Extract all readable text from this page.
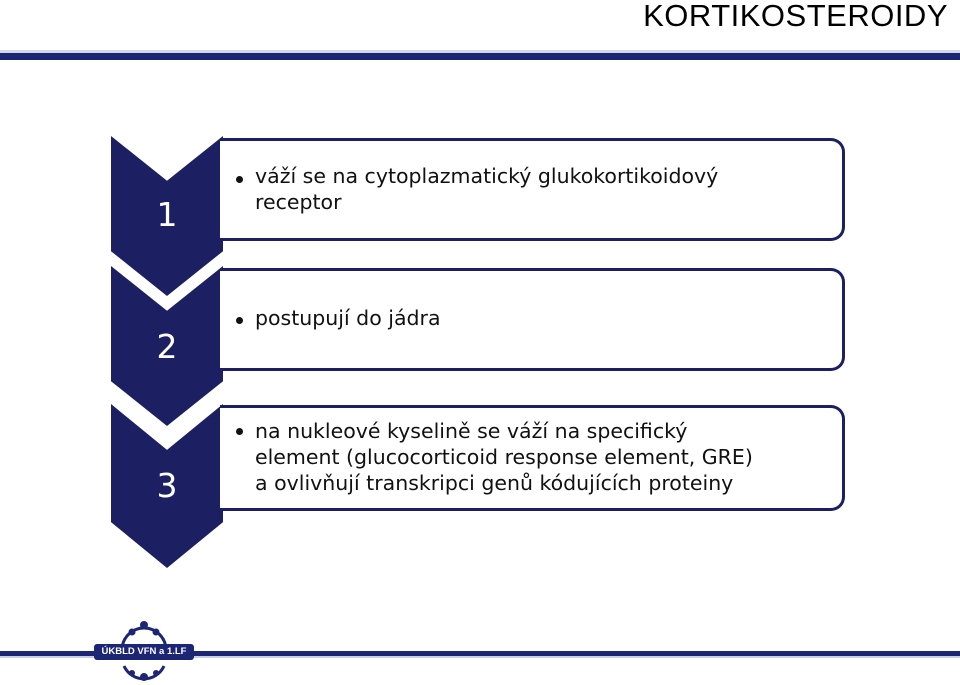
KORTIKOSTEROIDY
1
váží se na cytoplazmatický glukokortikoidový
receptor
2
postupují do jádra
3
na nukleové kyselině se váží na specifický
element (glucocorticoid response element, GRE)
a ovlivňují transkripci genů kódujících proteiny
ÚKBLD VFN a 1.LF UK
